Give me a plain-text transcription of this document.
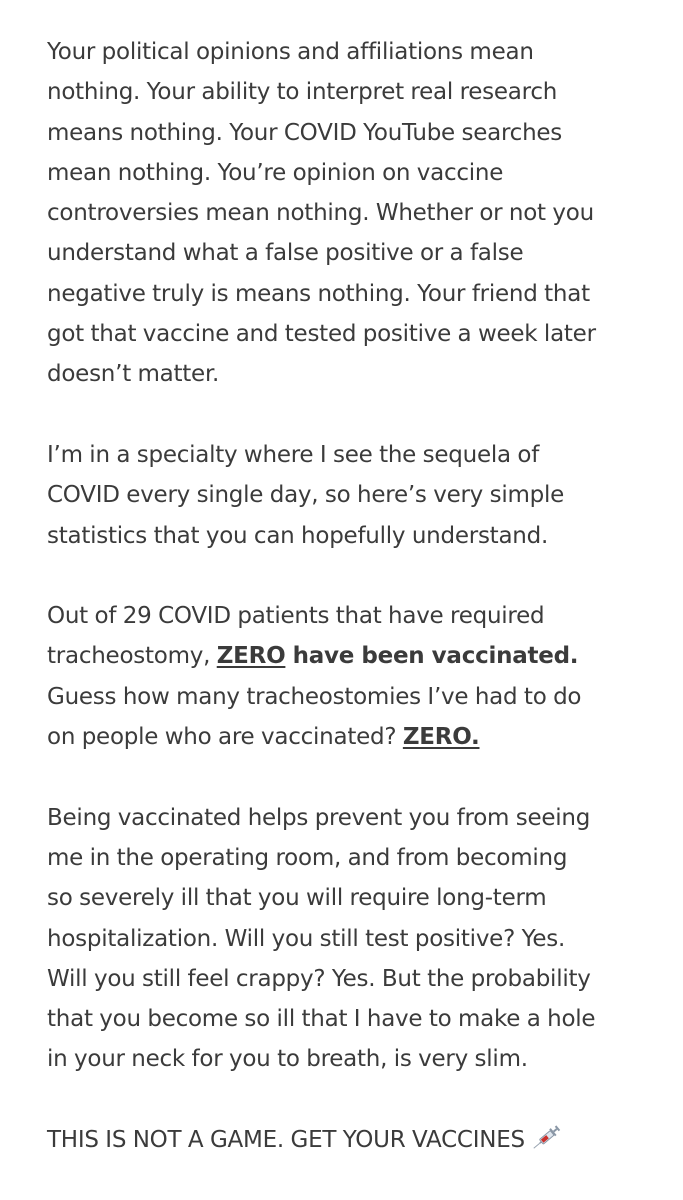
Your political opinions and affiliations mean
nothing. Your ability to interpret real research
means nothing. Your COVID YouTube searches
mean nothing. You’re opinion on vaccine
controversies mean nothing. Whether or not you
understand what a false positive or a false
negative truly is means nothing. Your friend that
got that vaccine and tested positive a week later
doesn’t matter.
I’m in a specialty where I see the sequela of
COVID every single day, so here’s very simple
statistics that you can hopefully understand.
Out of 29 COVID patients that have required
tracheostomy, ZERO have been vaccinated.
Guess how many tracheostomies I’ve had to do
on people who are vaccinated? ZERO.
Being vaccinated helps prevent you from seeing
me in the operating room, and from becoming
so severely ill that you will require long-term
hospitalization. Will you still test positive? Yes.
Will you still feel crappy? Yes. But the probability
that you become so ill that I have to make a hole
in your neck for you to breath, is very slim.
THIS IS NOT A GAME. GET YOUR VACCINES
